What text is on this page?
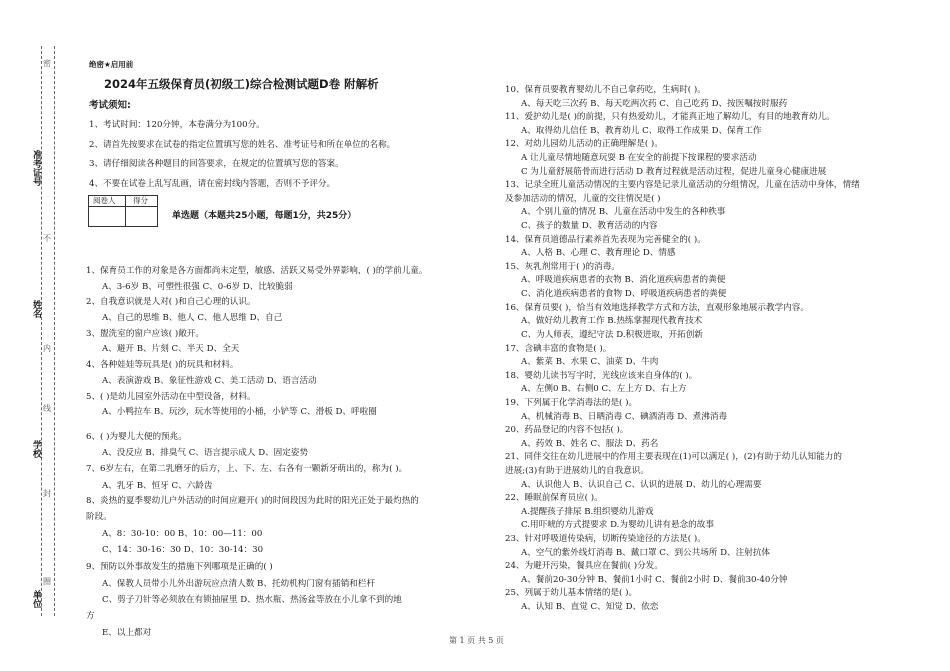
准考证号
姓名
学校
单位
密
不
内
线
封
圈
绝密★启用前
2024年五级保育员(初级工)综合检测试题D卷 附解析
考试须知:
1、考试时间：120分钟，本卷满分为100分。
2、请首先按要求在试卷的指定位置填写您的姓名、准考证号和所在单位的名称。
3、请仔细阅读各种题目的回答要求，在规定的位置填写您的答案。
4、不要在试卷上乱写乱画，请在密封线内答题，否则不予评分。
阅卷人 得分
单选题（本题共25小题，每题1分，共25分）
1、保育员工作的对象是各方面都尚未定型，敏感、活跃又易受外界影响，( )的学前儿童。
A、3-6岁 B、可塑性很强 C、0-6岁 D、比较脆弱
2、自我意识就是人对( )和自己心理的认识。
A、自己的思维 B、他人 C、他人思维 D、自己
3、盥洗室的窗户应该( )敞开。
A、避开 B、片刻 C、半天 D、全天
4、各种娃娃等玩具是( )的玩具和材料。
A、表演游戏 B、象征性游戏 C、美工活动 D、语言活动
5、( )是幼儿园室外活动在中型设备，材料。
A、小鸭拉车 B、玩沙，玩水等使用的小桶，小铲等 C、滑板 D、呼啦圈
6、( )为婴儿大便的预兆。
A、没反应 B、排臭气 C、语言提示成人 D、固定姿势
7、6岁左右，在第二乳磨牙的后方，上、下、左、右各有一颗新牙萌出的，称为( )。
A、乳牙 B、恒牙 C、六龄齿
8、炎热的夏季婴幼儿户外活动的时间应避开( )的时间段因为此时的阳光正处于最灼热的
阶段。
A、8：30-10：00 B、10：00—11：00
C、14：30-16：30 D、10：30-14：30
9、预防以外事故发生的措施下列哪项是正确的( )
A、保教人员带小儿外出游玩应点清人数 B、托幼机构门窗有插销和栏杆
C、剪子刀针等必须放在有锁抽屉里 D、热水瓶、热汤盆等放在小儿拿不到的地
方
E、以上都对
10、保育员要教育婴幼儿不自己拿药吃，生病时( )。
A、每天吃三次药 B、每天吃两次药 C、自己吃药 D、按医嘱按时服药
11、爱护幼儿是( )的前提，只有热爱幼儿，才能真正地了解幼儿，有目的地教育幼儿。
A、取得幼儿信任 B、教育幼儿 C、取得工作成果 D、保育工作
12、对幼儿园幼儿活动的正确理解是( )。
A 让儿童尽情地随意玩耍 B 在安全的前提下按课程的要求活动
C 为儿童舒展筋骨而进行活动 D 教育过程就是活动过程，促进儿童身心健康进展
13、记录全班儿童活动情况的主要内容是记录儿童活动的分组情况，儿童在活动中身体，情绪
及参加活动的情况，儿童的交往情况是( )
A、个别儿童的情况 B、儿童在活动中发生的各种秩事
C、孩子的数量 D、教育活动的内容
14、保育员道德品行素养首先表现为完善健全的( )。
A、人格 B、心理 C、教育理论 D、情感
15、灰乳剂常用于( )的消毒。
A、呼吸道疾病患者的衣物 B、消化道疾病患者的粪便
C、消化道疾病患者的食物 D、呼吸道疾病患者的粪便
16、保育员要( )，恰当有效地选择教学方式和方法，直观形象地展示教学内容。
A、做好幼儿教育工作 B.热练掌握现代教育技术
C、为人师表，遵纪守法 D.积极进取，开拓创新
17、含碘丰富的食物是( )。
A、紫菜 B、水果 C、油菜 D、牛肉
18、婴幼儿读书写字时，光线应该来自身体的( )。
A、左侧0 B、右侧0 C、左上方 D、右上方
19、下列属于化学消毒法的是( )。
A、机械消毒 B、日晒消毒 C、碘酒消毒 D、煮沸消毒
20、药品登记的内容不包括( )。
A、药效 B、姓名 C、服法 D、药名
21、同伴交往在幼儿进展中的作用主要表现在(1)可以满足( )，(2)有助于幼儿认知能力的
进展;(3)有助于进展幼儿的自我意识。
A、认识他人 B、认识自己 C、认识的进展 D、幼儿的心理需要
22、睡眠前保育员应( )。
A.提醒孩子排尿 B.组织婴幼儿游戏
C.用吓唬的方式提要求 D.为婴幼儿讲有悬念的故事
23、针对呼吸道传染病，切断传染途径的方法是( )。
A、空气的紫外线灯消毒 B、戴口罩 C、到公共场所 D、注射抗体
24、为避开污染，餐具应在餐前( )分发。
A、餐前20-30分钟 B、餐前1小时 C、餐前2小时 D、餐前30-40分钟
25、列属于幼儿基本情绪的是( )。
A、认知 B、直觉 C、知觉 D、依恋
第 1 页 共 5 页
